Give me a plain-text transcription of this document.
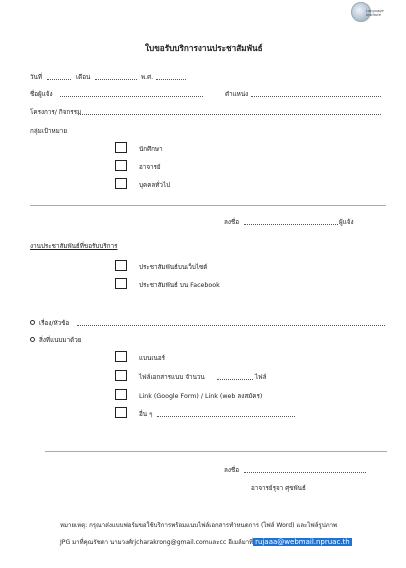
Language
Institute
ใบขอรับบริการงานประชาสัมพันธ์
วันที่	เดือน	พ.ศ.
ชื่อผู้แจ้ง	ตำแหน่ง
โครงการ/ กิจกรรม
กลุ่มเป้าหมาย
นักศึกษา
อาจารย์
บุคคลทั่วไป
ลงชื่อ	ผู้แจ้ง
งานประชาสัมพันธ์ที่ขอรับบริการ
ประชาสัมพันธ์บนเว็บไซต์
ประชาสัมพันธ์ บน Facebook
เรื่อง/หัวข้อ
สิ่งที่แนบมาด้วย
แบนเนอร์
ไฟล์เอกสารแนบ จำนวน	ไฟล์
Link (Google Form) / Link (web ลงสมัคร)
อื่น ๆ
ลงชื่อ
อาจารย์รุจา ศุขพันธ์
หมายเหตุ: กรุณาส่งแบบฟอร์มขอใช้บริการพร้อมแนบไฟล์เอกสารทำหนดการ (ไฟล์ Word) และไฟล์รูปภาพ
JPG มาที่คุณรัชดา นามวงศ์rjcharakrong@gmail.comและcc อีเมล์มาที่ rujaaa@webmail.npruac.th
